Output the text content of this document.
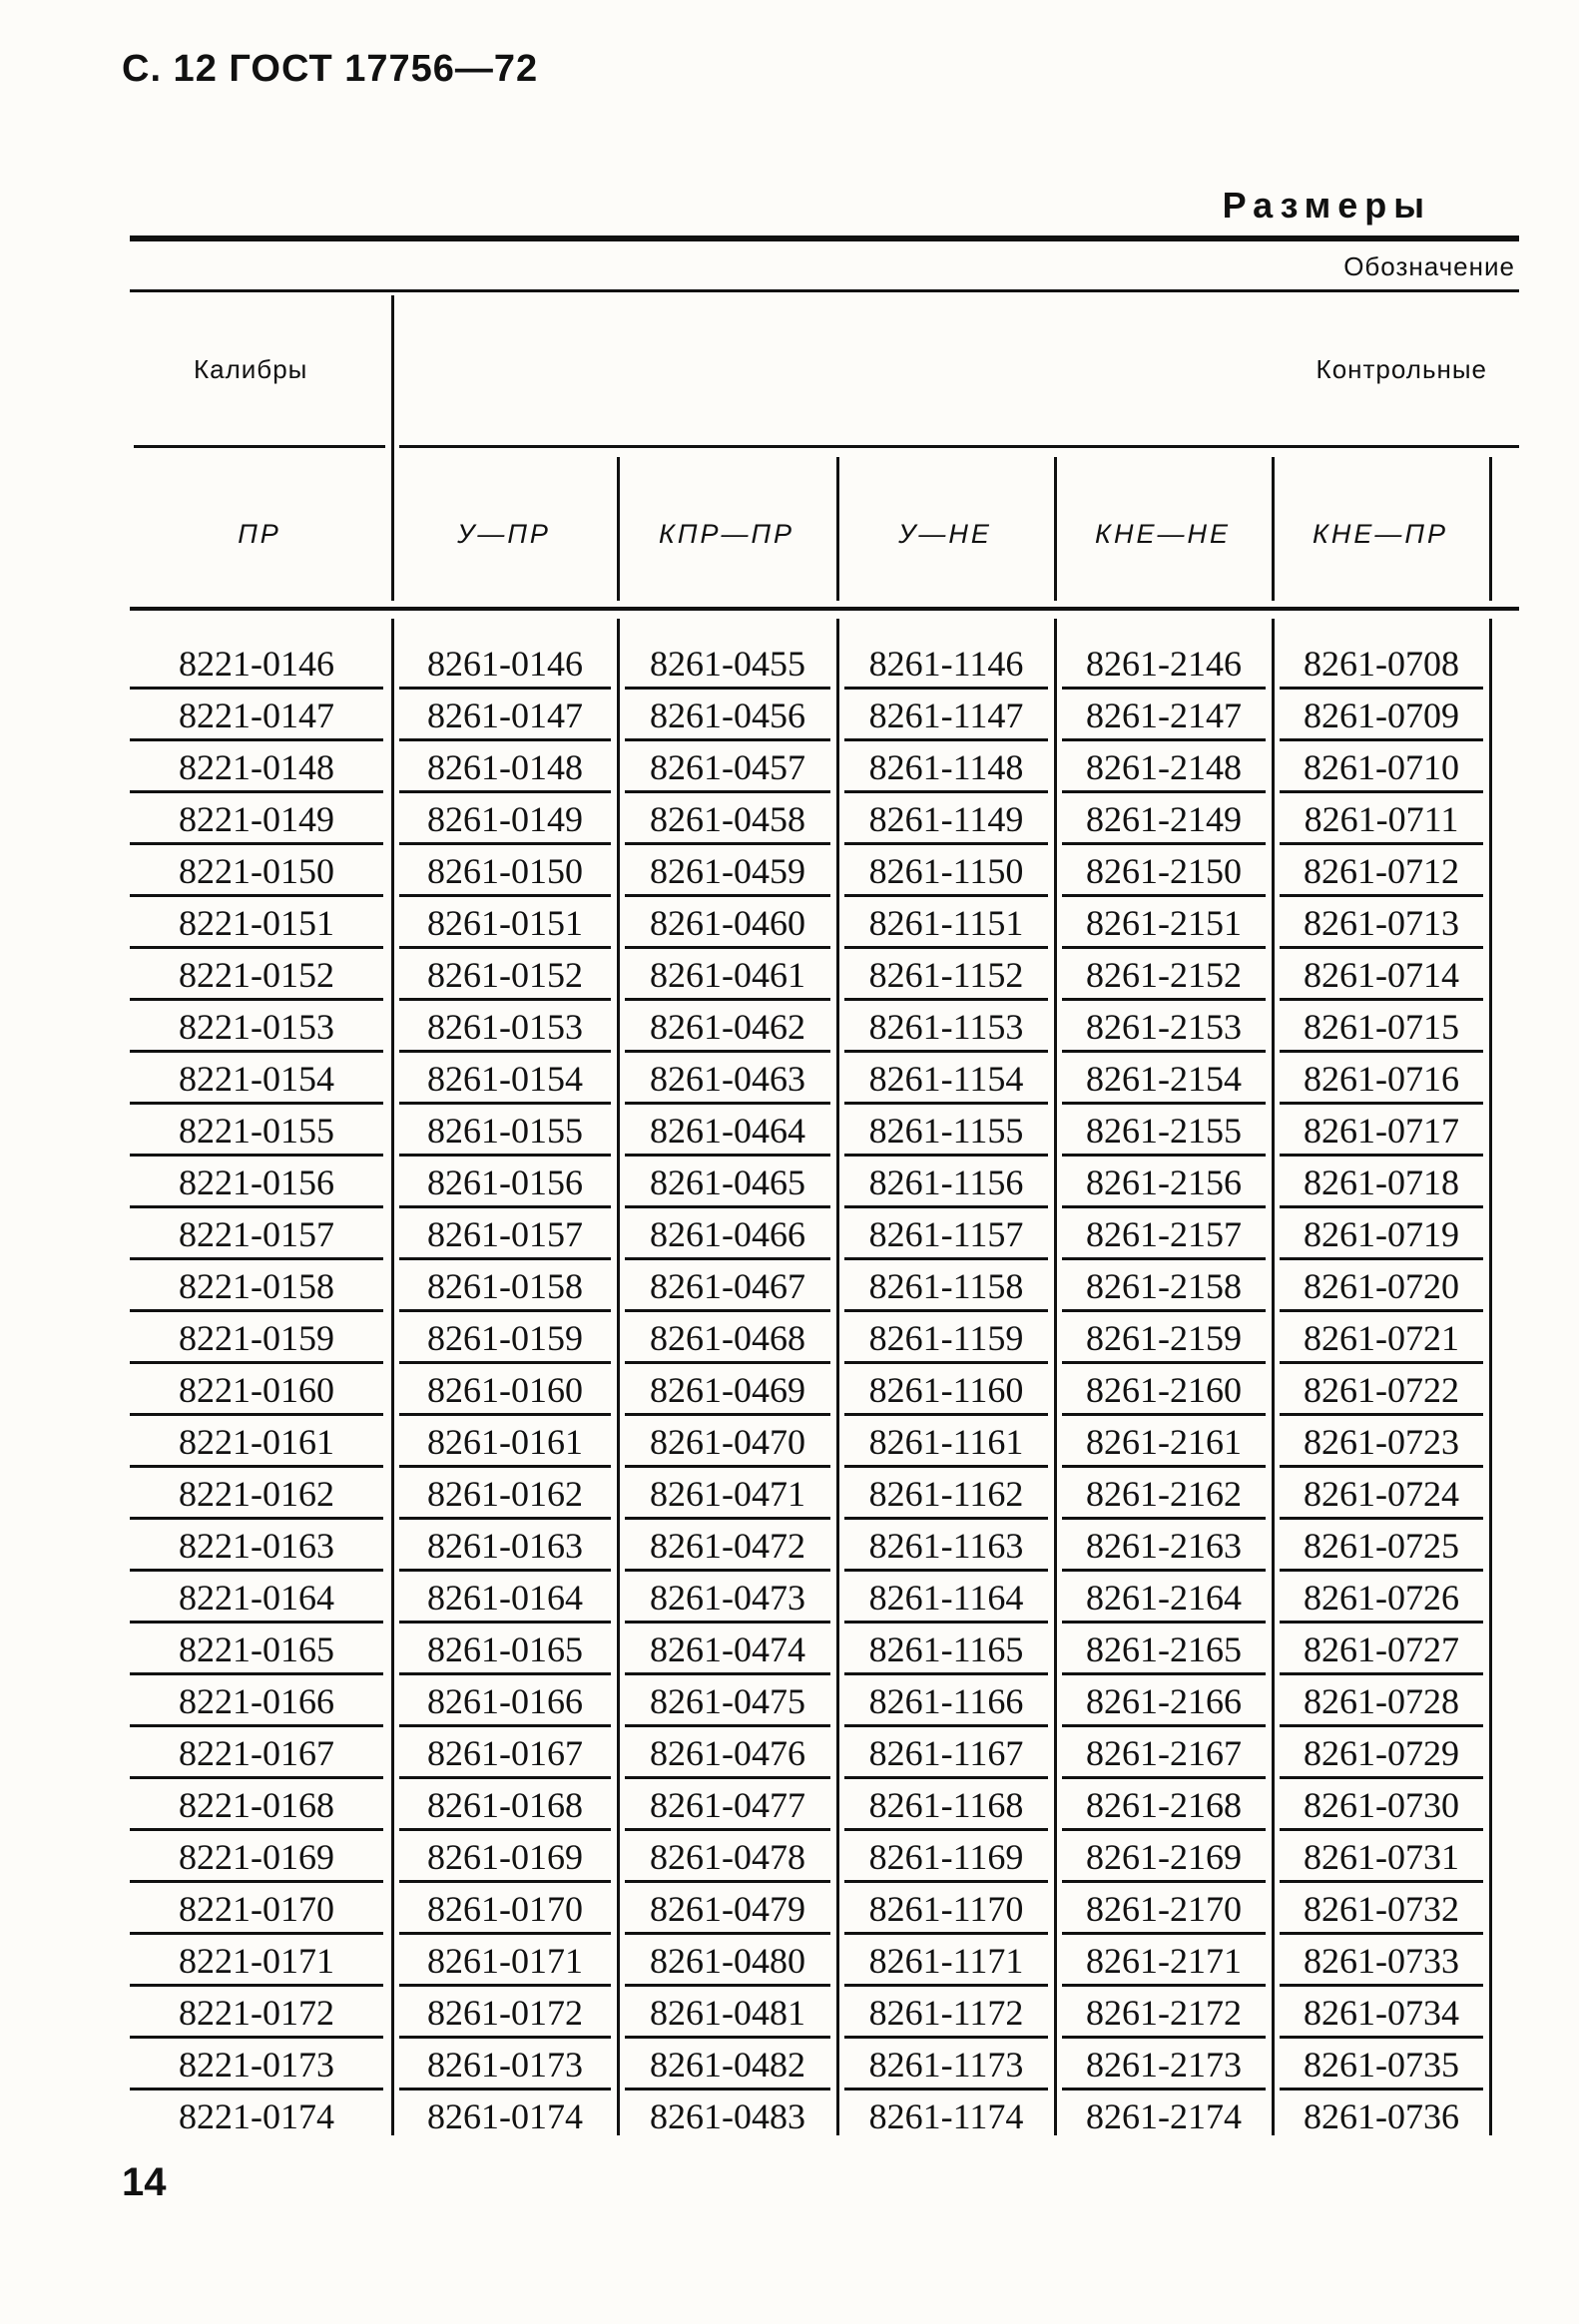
С. 12 ГОСТ 17756—72
Размеры
Обозначение
Калибры	Контрольные
ПР	У—ПР	КПР—ПР	У—НЕ	КНЕ—НЕ	КНЕ—ПР
8221-0146	8261-0146	8261-0455	8261-1146	8261-2146	8261-0708
8221-0147	8261-0147	8261-0456	8261-1147	8261-2147	8261-0709
8221-0148	8261-0148	8261-0457	8261-1148	8261-2148	8261-0710
8221-0149	8261-0149	8261-0458	8261-1149	8261-2149	8261-0711
8221-0150	8261-0150	8261-0459	8261-1150	8261-2150	8261-0712
8221-0151	8261-0151	8261-0460	8261-1151	8261-2151	8261-0713
8221-0152	8261-0152	8261-0461	8261-1152	8261-2152	8261-0714
8221-0153	8261-0153	8261-0462	8261-1153	8261-2153	8261-0715
8221-0154	8261-0154	8261-0463	8261-1154	8261-2154	8261-0716
8221-0155	8261-0155	8261-0464	8261-1155	8261-2155	8261-0717
8221-0156	8261-0156	8261-0465	8261-1156	8261-2156	8261-0718
8221-0157	8261-0157	8261-0466	8261-1157	8261-2157	8261-0719
8221-0158	8261-0158	8261-0467	8261-1158	8261-2158	8261-0720
8221-0159	8261-0159	8261-0468	8261-1159	8261-2159	8261-0721
8221-0160	8261-0160	8261-0469	8261-1160	8261-2160	8261-0722
8221-0161	8261-0161	8261-0470	8261-1161	8261-2161	8261-0723
8221-0162	8261-0162	8261-0471	8261-1162	8261-2162	8261-0724
8221-0163	8261-0163	8261-0472	8261-1163	8261-2163	8261-0725
8221-0164	8261-0164	8261-0473	8261-1164	8261-2164	8261-0726
8221-0165	8261-0165	8261-0474	8261-1165	8261-2165	8261-0727
8221-0166	8261-0166	8261-0475	8261-1166	8261-2166	8261-0728
8221-0167	8261-0167	8261-0476	8261-1167	8261-2167	8261-0729
8221-0168	8261-0168	8261-0477	8261-1168	8261-2168	8261-0730
8221-0169	8261-0169	8261-0478	8261-1169	8261-2169	8261-0731
8221-0170	8261-0170	8261-0479	8261-1170	8261-2170	8261-0732
8221-0171	8261-0171	8261-0480	8261-1171	8261-2171	8261-0733
8221-0172	8261-0172	8261-0481	8261-1172	8261-2172	8261-0734
8221-0173	8261-0173	8261-0482	8261-1173	8261-2173	8261-0735
8221-0174	8261-0174	8261-0483	8261-1174	8261-2174	8261-0736
14
